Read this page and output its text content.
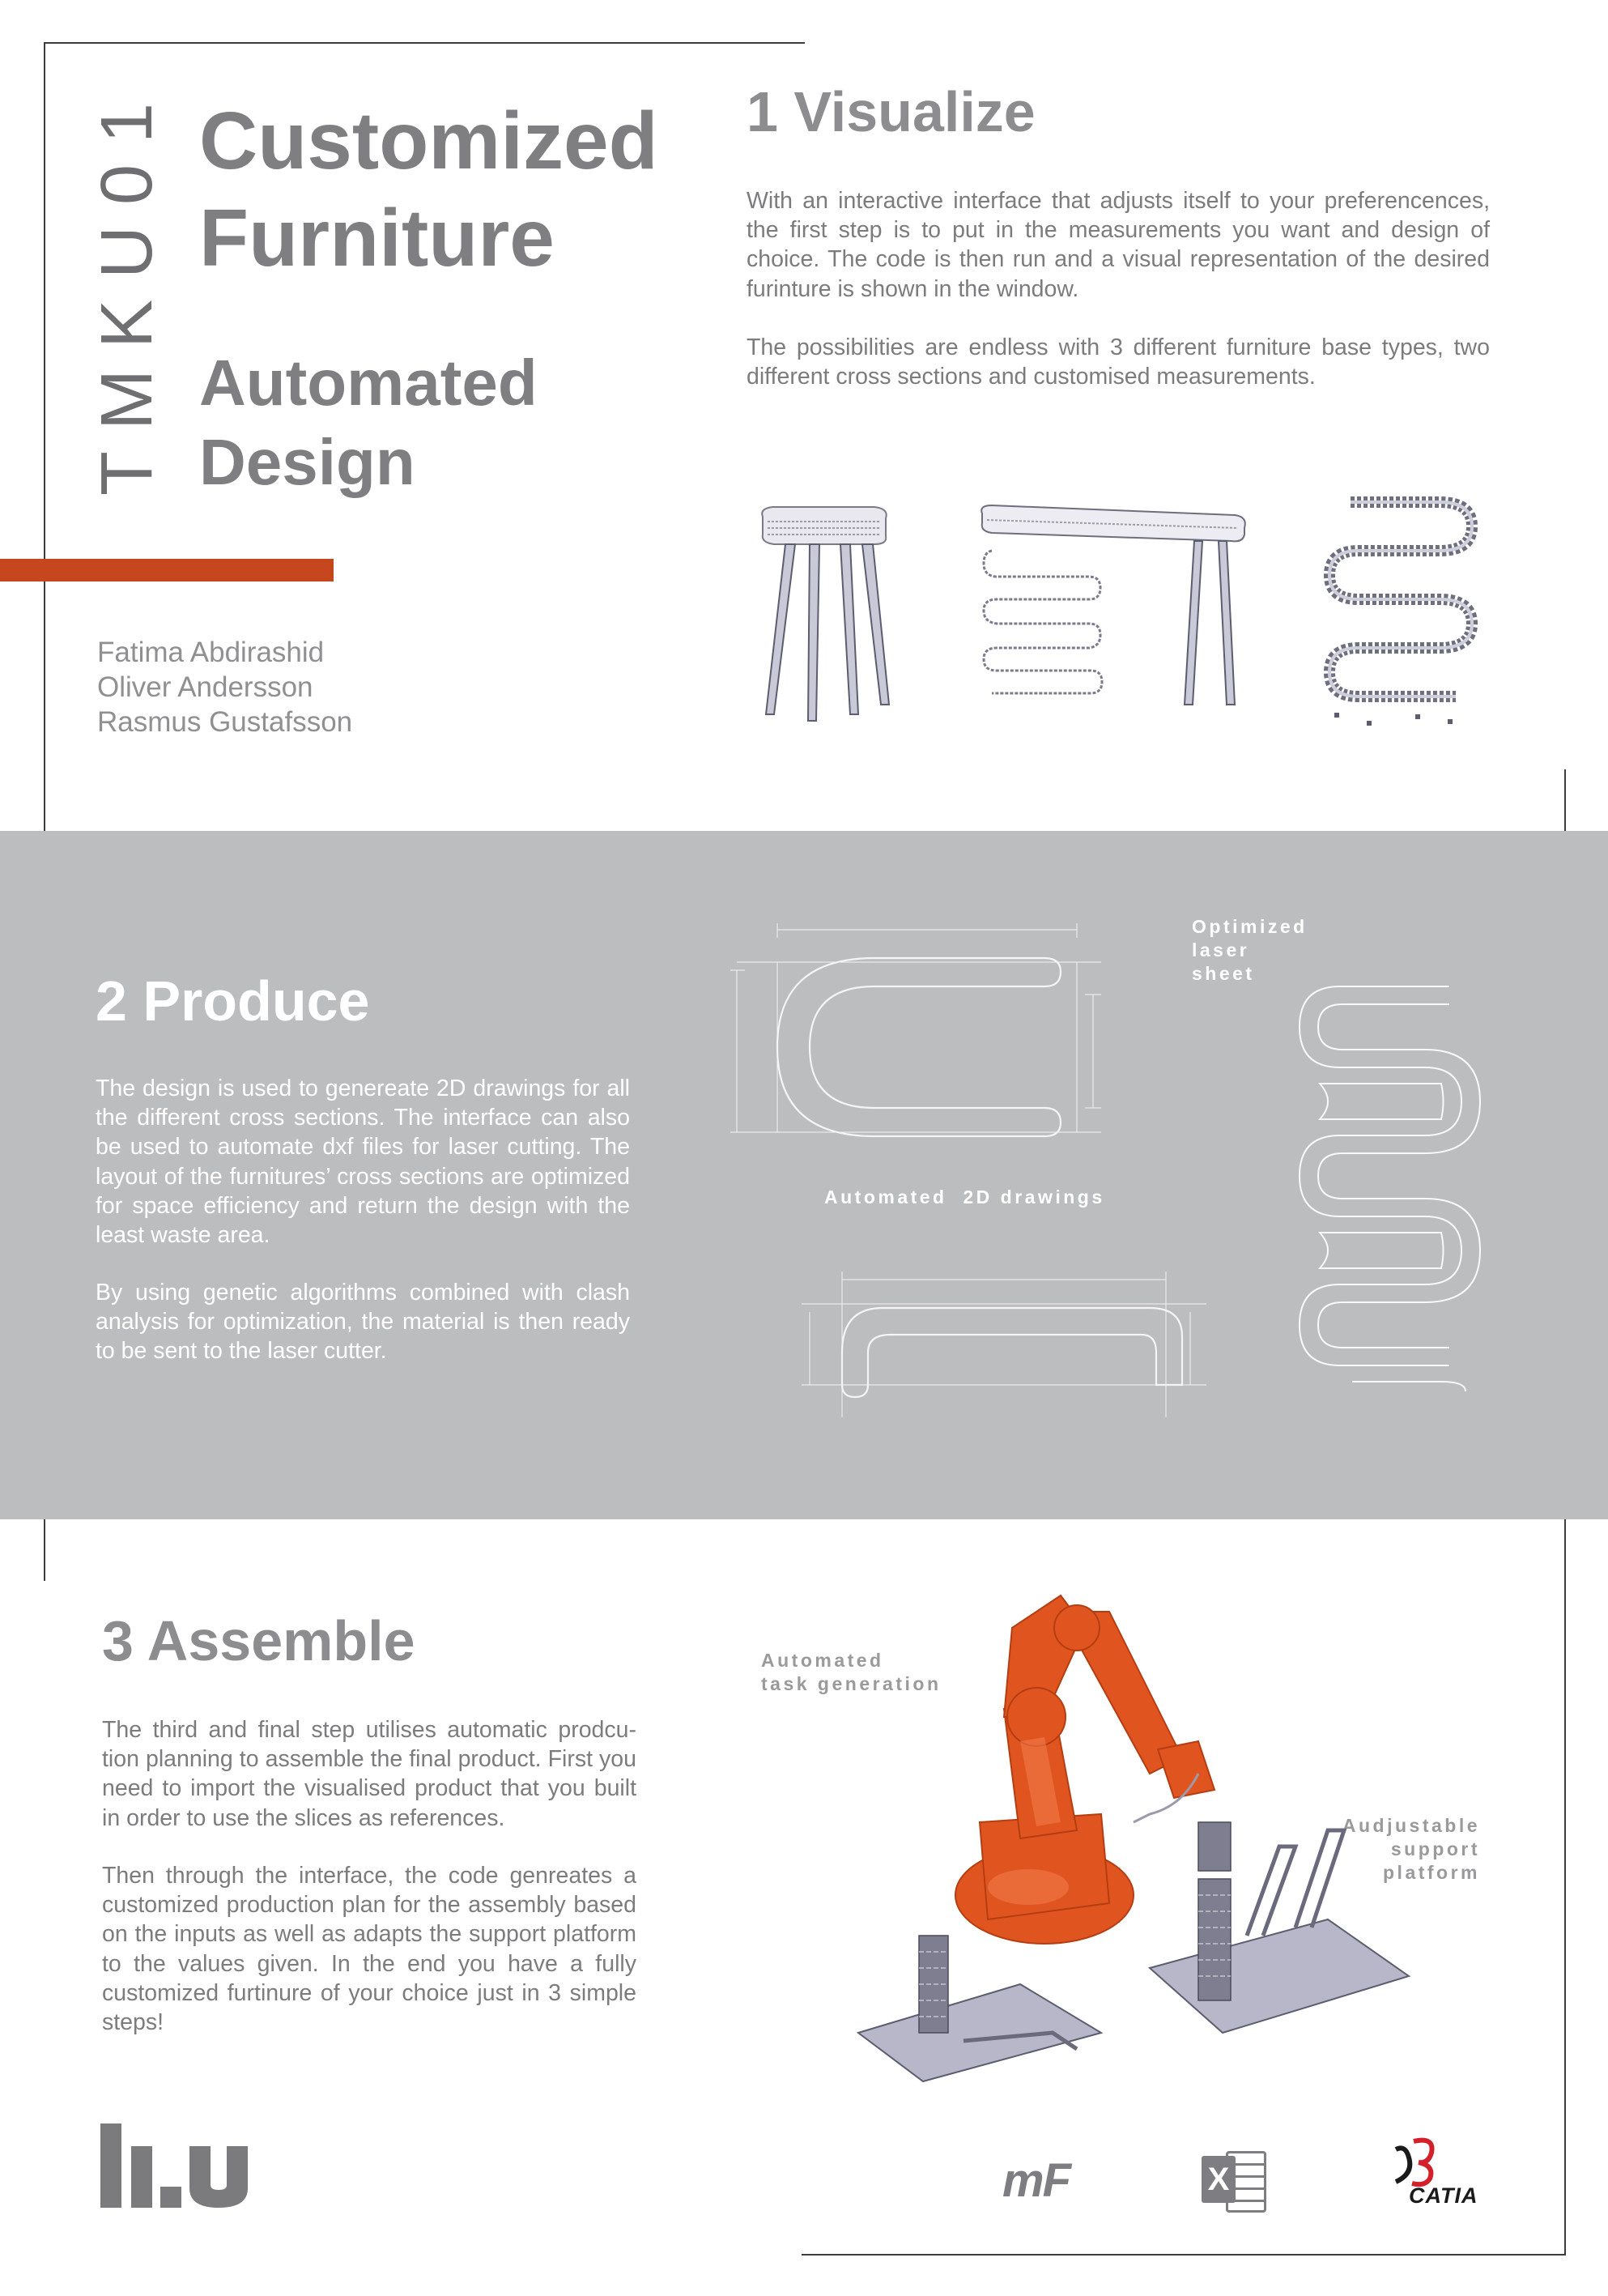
TMKU01 Customized
Furniture
Automated
Design
Fatima Abdirashid
Oliver Andersson
Rasmus Gustafsson
1 Visualize
With an interactive interface that adjusts itself to your preferencences, the first step is to put in the measurements you want and design of choice. The code is then run and a visual representation of the desired furinture is shown in the window.
The possibilities are endless with 3 different furniture base types, two different cross sections and customised measurements.
2 Produce
The design is used to genereate 2D drawings for all the different cross sections. The interface can also be used to automate dxf files for laser cutting. The layout of the furnitures’ cross sections are optimized for space efficiency and return the design with the least waste area.
By using genetic algorithms combined with clash analysis for optimization, the material is then ready to be sent to the laser cutter.
Optimized
laser
sheet
Automated  2D drawings
3 Assemble
The third and final step utilises automatic prodcu-tion planning to assemble the final product. First you need to import the visualised product that you built in order to use the slices as references.
Then through the interface, the code genreates a customized production plan for the assembly based on the inputs as well as adapts the support platform to the values given. In the end you have a fully customized furtinure of your choice just in 3 simple steps!
Automated
task generation
Audjustable
support
platform
mF	X	CATIA
